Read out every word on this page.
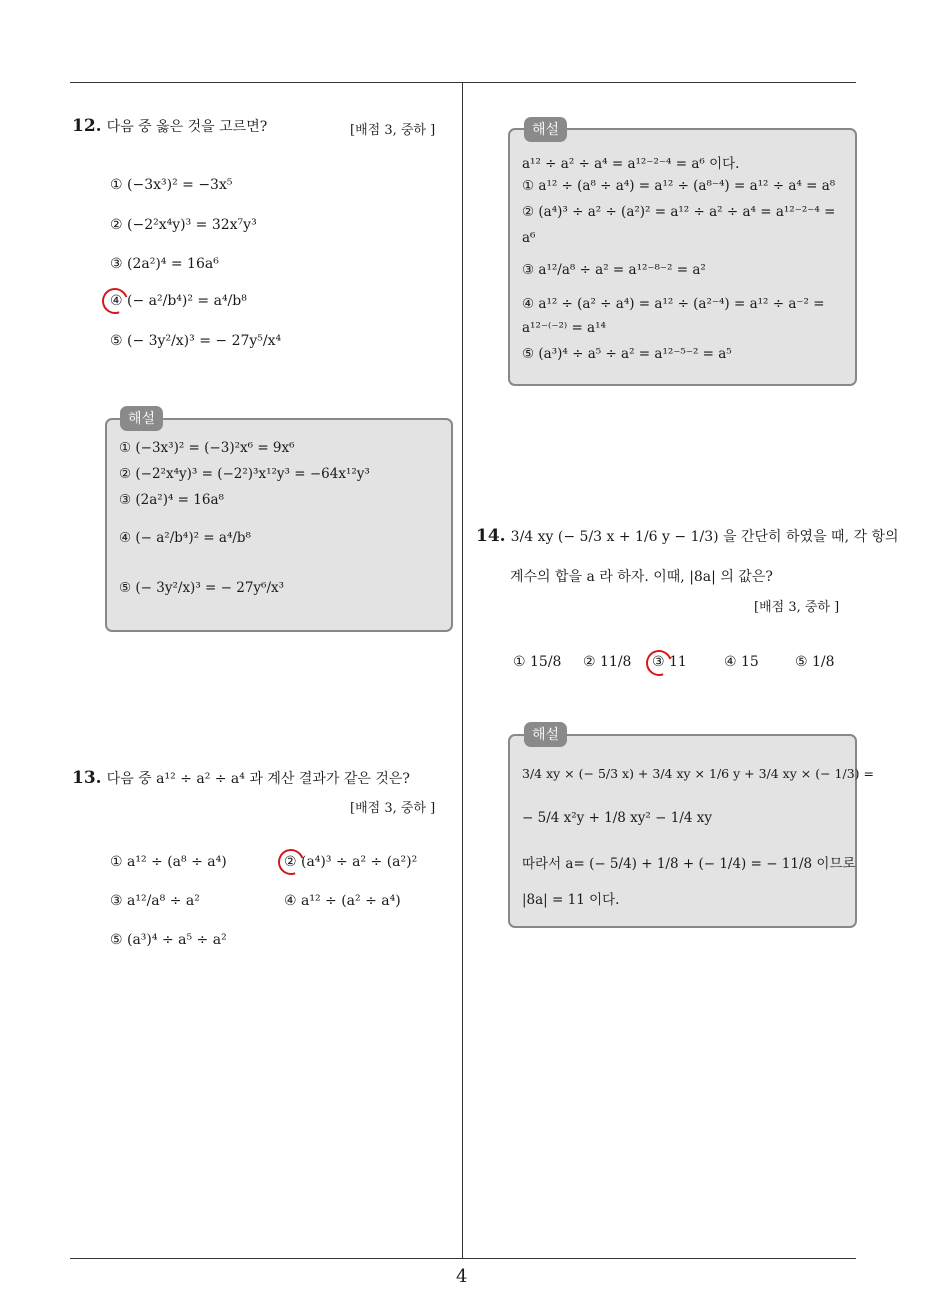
12. 다음 중 옳은 것을 고르면?	[배점 3, 중하 ]
① (−3x³)² = −3x⁵
② (−2²x⁴y)³ = 32x⁷y³
③ (2a²)⁴ = 16a⁶
④ (− a²/b⁴)² = a⁴/b⁸
⑤ (− 3y²/x)³ = − 27y⁵/x⁴
① (−3x³)² = (−3)²x⁶ = 9x⁶
② (−2²x⁴y)³ = (−2²)³x¹²y³ = −64x¹²y³
③ (2a²)⁴ = 16a⁸
④ (− a²/b⁴)² = a⁴/b⁸
⑤ (− 3y²/x)³ = − 27y⁶/x³
해설
13. 다음 중 a¹² ÷ a² ÷ a⁴ 과 계산 결과가 같은 것은?
[배점 3, 중하 ]
① a¹² ÷ (a⁸ ÷ a⁴)	② (a⁴)³ ÷ a² ÷ (a²)²
③ a¹²/a⁸ ÷ a²	④ a¹² ÷ (a² ÷ a⁴)
⑤ (a³)⁴ ÷ a⁵ ÷ a²
a¹² ÷ a² ÷ a⁴ = a¹²⁻²⁻⁴ = a⁶ 이다.
① a¹² ÷ (a⁸ ÷ a⁴) = a¹² ÷ (a⁸⁻⁴) = a¹² ÷ a⁴ = a⁸
② (a⁴)³ ÷ a² ÷ (a²)² = a¹² ÷ a² ÷ a⁴ = a¹²⁻²⁻⁴ =
a⁶
③ a¹²/a⁸ ÷ a² = a¹²⁻⁸⁻² = a²
④ a¹² ÷ (a² ÷ a⁴) = a¹² ÷ (a²⁻⁴) = a¹² ÷ a⁻² =
a¹²⁻⁽⁻²⁾ = a¹⁴
⑤ (a³)⁴ ÷ a⁵ ÷ a² = a¹²⁻⁵⁻² = a⁵
해설
14. 3/4 xy (− 5/3 x + 1/6 y − 1/3) 을 간단히 하였을 때, 각 항의
계수의 합을 a 라 하자. 이때, |8a| 의 값은?
[배점 3, 중하 ]
① 15/8 ② 11/8 ③ 11	④ 15	⑤ 1/8
3/4 xy × (− 5/3 x) + 3/4 xy × 1/6 y + 3/4 xy × (− 1/3) =
− 5/4 x²y + 1/8 xy² − 1/4 xy
따라서 a= (− 5/4) + 1/8 + (− 1/4) = − 11/8 이므로
|8a| = 11 이다.
해설
4
